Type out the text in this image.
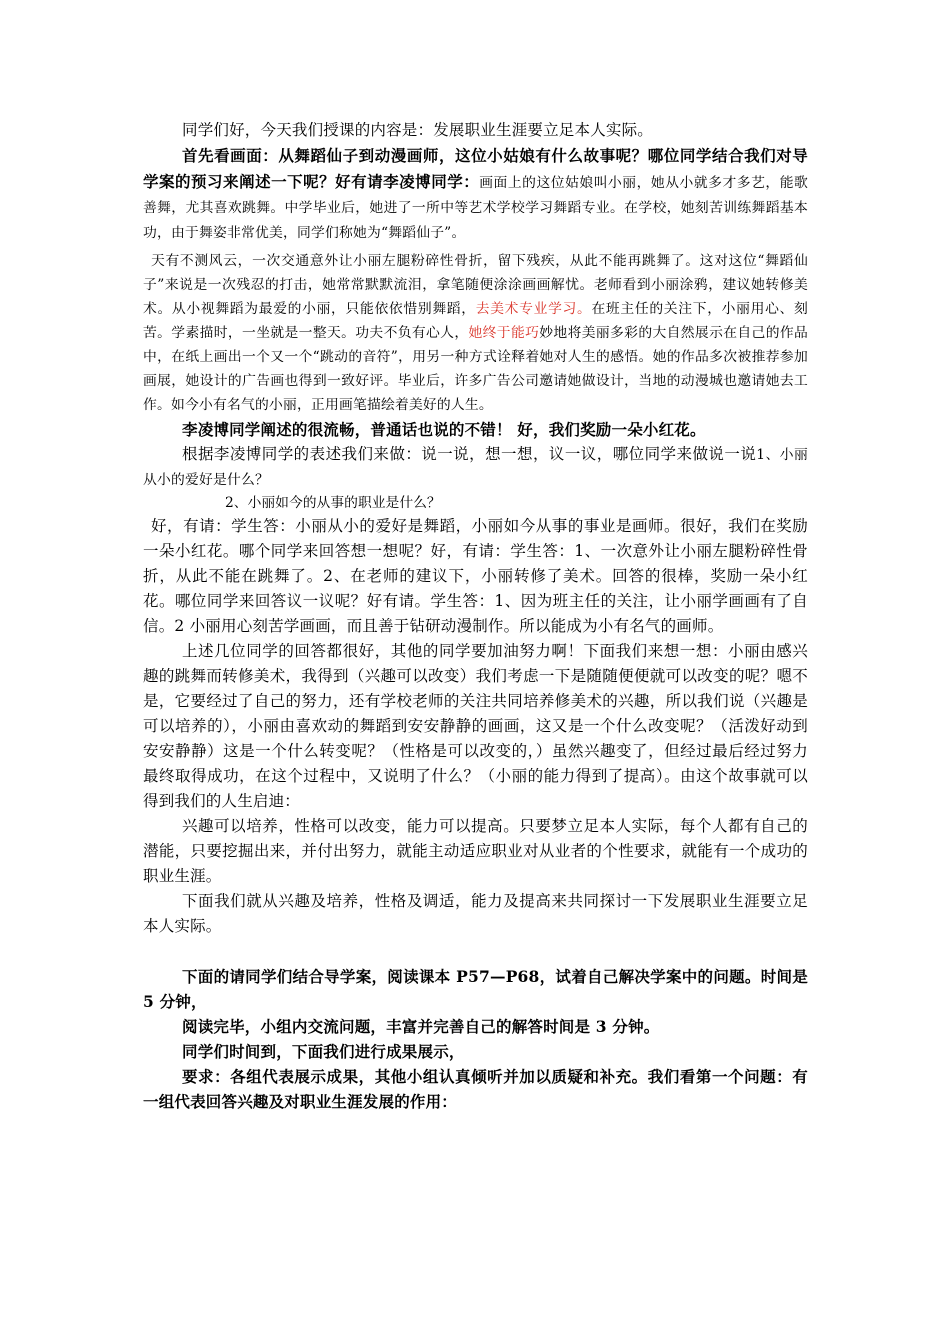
同学们好，今天我们授课的内容是：发展职业生涯要立足本人实际。

首先看画面：从舞蹈仙子到动漫画师，这位小姑娘有什么故事呢？哪位同学结合我们对导学案的预习来阐述一下呢？好有请李凌博同学：画面上的这位姑娘叫小丽，她从小就多才多艺，能歌善舞，尤其喜欢跳舞。中学毕业后，她进了一所中等艺术学校学习舞蹈专业。在学校，她刻苦训练舞蹈基本功，由于舞姿非常优美，同学们称她为“舞蹈仙子”。

天有不测风云，一次交通意外让小丽左腿粉碎性骨折，留下残疾，从此不能再跳舞了。这对这位“舞蹈仙子”来说是一次残忍的打击，她常常默默流泪，拿笔随便涂涂画画解忧。老师看到小丽涂鸦，建议她转修美术。从小视舞蹈为最爱的小丽，只能依依惜别舞蹈，去美术专业学习。在班主任的关注下，小丽用心、刻苦。学素描时，一坐就是一整天。功夫不负有心人，她终于能巧妙地将美丽多彩的大自然展示在自己的作品中，在纸上画出一个又一个“跳动的音符”，用另一种方式诠释着她对人生的感悟。她的作品多次被推荐参加画展，她设计的广告画也得到一致好评。毕业后，许多广告公司邀请她做设计，当地的动漫城也邀请她去工作。如今小有名气的小丽，正用画笔描绘着美好的人生。

李凌博同学阐述的很流畅，普通话也说的不错！ 好，我们奖励一朵小红花。

根据李凌博同学的表述我们来做：说一说，想一想，议一议，哪位同学来做说一说1、小丽从小的爱好是什么？

2、小丽如今的从事的职业是什么？

好，有请：学生答：小丽从小的爱好是舞蹈，小丽如今从事的事业是画师。很好，我们在奖励一朵小红花。哪个同学来回答想一想呢？好，有请：学生答：1、一次意外让小丽左腿粉碎性骨折，从此不能在跳舞了。2、在老师的建议下，小丽转修了美术。回答的很棒，奖励一朵小红花。哪位同学来回答议一议呢？好有请。学生答：1、因为班主任的关注，让小丽学画画有了自信。2 小丽用心刻苦学画画，而且善于钻研动漫制作。所以能成为小有名气的画师。

上述几位同学的回答都很好，其他的同学要加油努力啊！下面我们来想一想：小丽由感兴趣的跳舞而转修美术，我得到（兴趣可以改变）我们考虑一下是随随便便就可以改变的呢？嗯不是，它要经过了自己的努力，还有学校老师的关注共同培养修美术的兴趣，所以我们说（兴趣是可以培养的），小丽由喜欢动的舞蹈到安安静静的画画，这又是一个什么改变呢？（活泼好动到安安静静）这是一个什么转变呢？（性格是可以改变的，）虽然兴趣变了，但经过最后经过努力最终取得成功，在这个过程中，又说明了什么？（小丽的能力得到了提高）。由这个故事就可以得到我们的人生启迪：

兴趣可以培养，性格可以改变，能力可以提高。只要梦立足本人实际，每个人都有自己的潜能，只要挖掘出来，并付出努力，就能主动适应职业对从业者的个性要求，就能有一个成功的职业生涯。

下面我们就从兴趣及培养，性格及调适，能力及提高来共同探讨一下发展职业生涯要立足本人实际。

下面的请同学们结合导学案，阅读课本 P57—P68，试着自己解决学案中的问题。时间是 5 分钟，

阅读完毕，小组内交流问题，丰富并完善自己的解答时间是 3 分钟。

同学们时间到，下面我们进行成果展示，

要求：各组代表展示成果，其他小组认真倾听并加以质疑和补充。我们看第一个问题：有一组代表回答兴趣及对职业生涯发展的作用：
